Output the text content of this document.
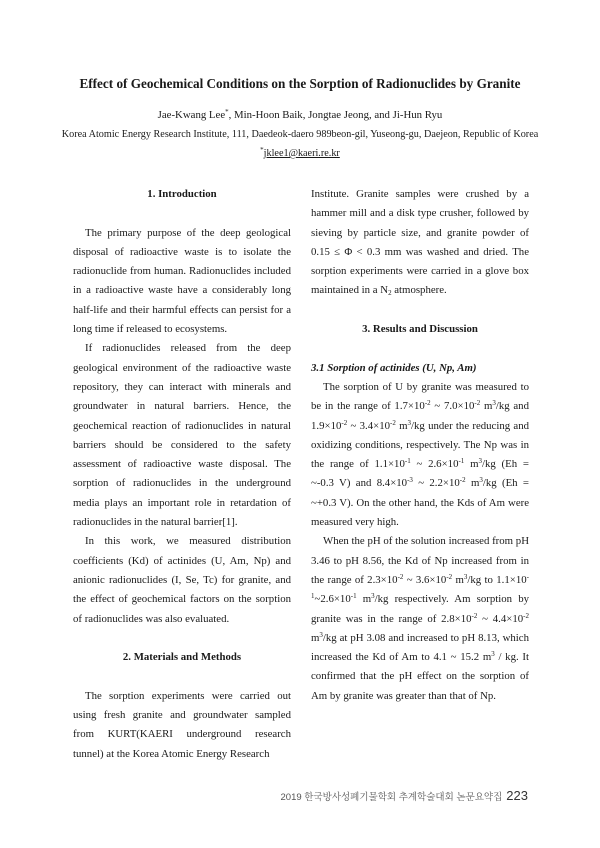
Effect of Geochemical Conditions on the Sorption of Radionuclides by Granite
Jae-Kwang Lee*, Min-Hoon Baik, Jongtae Jeong, and Ji-Hun Ryu
Korea Atomic Energy Research Institute, 111, Daedeok-daero 989beon-gil, Yuseong-gu, Daejeon, Republic of Korea
*jklee1@kaeri.re.kr

1. Introduction

The primary purpose of the deep geological disposal of radioactive waste is to isolate the radionuclide from human. Radionuclides included in a radioactive waste have a considerably long half-life and their harmful effects can persist for a long time if released to ecosystems.

If radionuclides released from the deep geological environment of the radioactive waste repository, they can interact with minerals and groundwater in natural barriers. Hence, the geochemical reaction of radionuclides in natural barriers should be considered to the safety assessment of radioactive waste disposal. The sorption of radionuclides in the underground media plays an important role in retardation of radionuclides in the natural barrier[1].

In this work, we measured distribution coefficients (Kd) of actinides (U, Am, Np) and anionic radionuclides (I, Se, Tc) for granite, and the effect of geochemical factors on the sorption of radionuclides was also evaluated.

2. Materials and Methods

The sorption experiments were carried out using fresh granite and groundwater sampled from KURT(KAERI underground research tunnel) at the Korea Atomic Energy Research

Institute. Granite samples were crushed by a hammer mill and a disk type crusher, followed by sieving by particle size, and granite powder of 0.15 ≤ Φ < 0.3 mm was washed and dried. The sorption experiments were carried in a glove box maintained in a $N_2$ atmosphere.

3. Results and Discussion

3.1 Sorption of actinides (U, Np, Am)

The sorption of U by granite was measured to be in the range of $1.7\times 10^{-2}$ ~ $7.0\times 10^{-2}$ $m^3/kg$ and $1.9\times 10^{-2}$ ~ $3.4\times 10^{-2}$ $m^3/kg$ under the reducing and oxidizing conditions, respectively. The Np was in the range of $1.1\times 10^{-1}$ ~ $2.6\times 10^{-1}$ $m^3/kg$ (Eh = ~-0.3 V) and $8.4\times 10^{-3}$ ~ $2.2\times 10^{-2}$ $m^3/kg$ (Eh = ~+0.3 V). On the other hand, the Kds of Am were measured very high.

When the pH of the solution increased from pH 3.46 to pH 8.56, the Kd of Np increased from in the range of $2.3\times 10^{-2}$ ~ $3.6\times 10^{-2}$ $m^3/kg$ to $1.1\times 10^{-1}\sim 2.6\times 10^{-1}$ $m^3/kg$ respectively. Am sorption by granite was in the range of $2.8\times 10^{-2}$ ~ $4.4\times 10^{-2}$ $m^3/kg$ at pH 3.08 and increased to pH 8.13, which increased the Kd of Am to 4.1 ~ 15.2 $m^3$ / kg. It confirmed that the pH effect on the sorption of Am by granite was greater than that of Np.

2019 한국방사성폐기물학회 추계학술대회 논문요약집 223
